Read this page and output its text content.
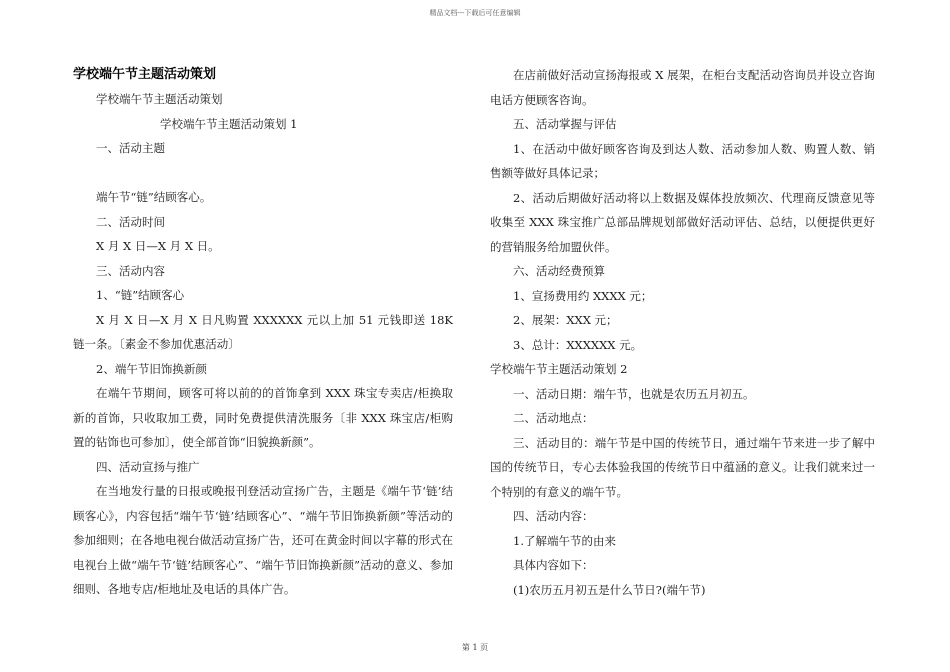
精品文档---下载后可任意编辑
学校端午节主题活动策划

学校端午节主题活动策划

学校端午节主题活动策划 1

一、活动主题

端午节“链”结顾客心。

二、活动时间

X 月 X 日—X 月 X 日。

三、活动内容

1、“链”结顾客心

X 月 X 日—X 月 X 日凡购置 XXXXXX 元以上加 51 元钱即送 18K 链一条。〔素金不参加优惠活动〕

2、端午节旧饰换新颜

在端午节期间，顾客可将以前的的首饰拿到 XXX 珠宝专卖店/柜换取新的首饰，只收取加工费，同时免费提供清洗服务〔非 XXX 珠宝店/柜购置的钻饰也可参加〕，使全部首饰“旧貌换新颜”。

四、活动宣扬与推广

在当地发行量的日报或晚报刊登活动宣扬广告，主题是《端午节‘链’结顾客心》，内容包括“端午节‘链’结顾客心”、“端午节旧饰换新颜”等活动的参加细则；在各地电视台做活动宣扬广告，还可在黄金时间以字幕的形式在电视台上做“端午节‘链’结顾客心”、“端午节旧饰换新颜”活动的意义、参加细则、各地专店/柜地址及电话的具体广告。

在店前做好活动宣扬海报或 X 展架，在柜台支配活动咨询员并设立咨询电话方便顾客咨询。

五、活动掌握与评估

1、在活动中做好顾客咨询及到达人数、活动参加人数、购置人数、销售额等做好具体记录；

2、活动后期做好活动将以上数据及媒体投放频次、代理商反馈意见等收集至 XXX 珠宝推广总部品牌规划部做好活动评估、总结，以便提供更好的营销服务给加盟伙伴。

六、活动经费预算

1、宣扬费用约 XXXX 元；

2、展架：XXX 元；

3、总计：XXXXXX 元。

学校端午节主题活动策划 2

一、活动日期：端午节，也就是农历五月初五。

二、活动地点：

三、活动目的：端午节是中国的传统节日，通过端午节来进一步了解中国的传统节日，专心去体验我国的传统节日中蕴涵的意义。让我们就来过一个特别的有意义的端午节。

四、活动内容：

1.了解端午节的由来

具体内容如下：

(1)农历五月初五是什么节日?(端午节)

第 1 页
